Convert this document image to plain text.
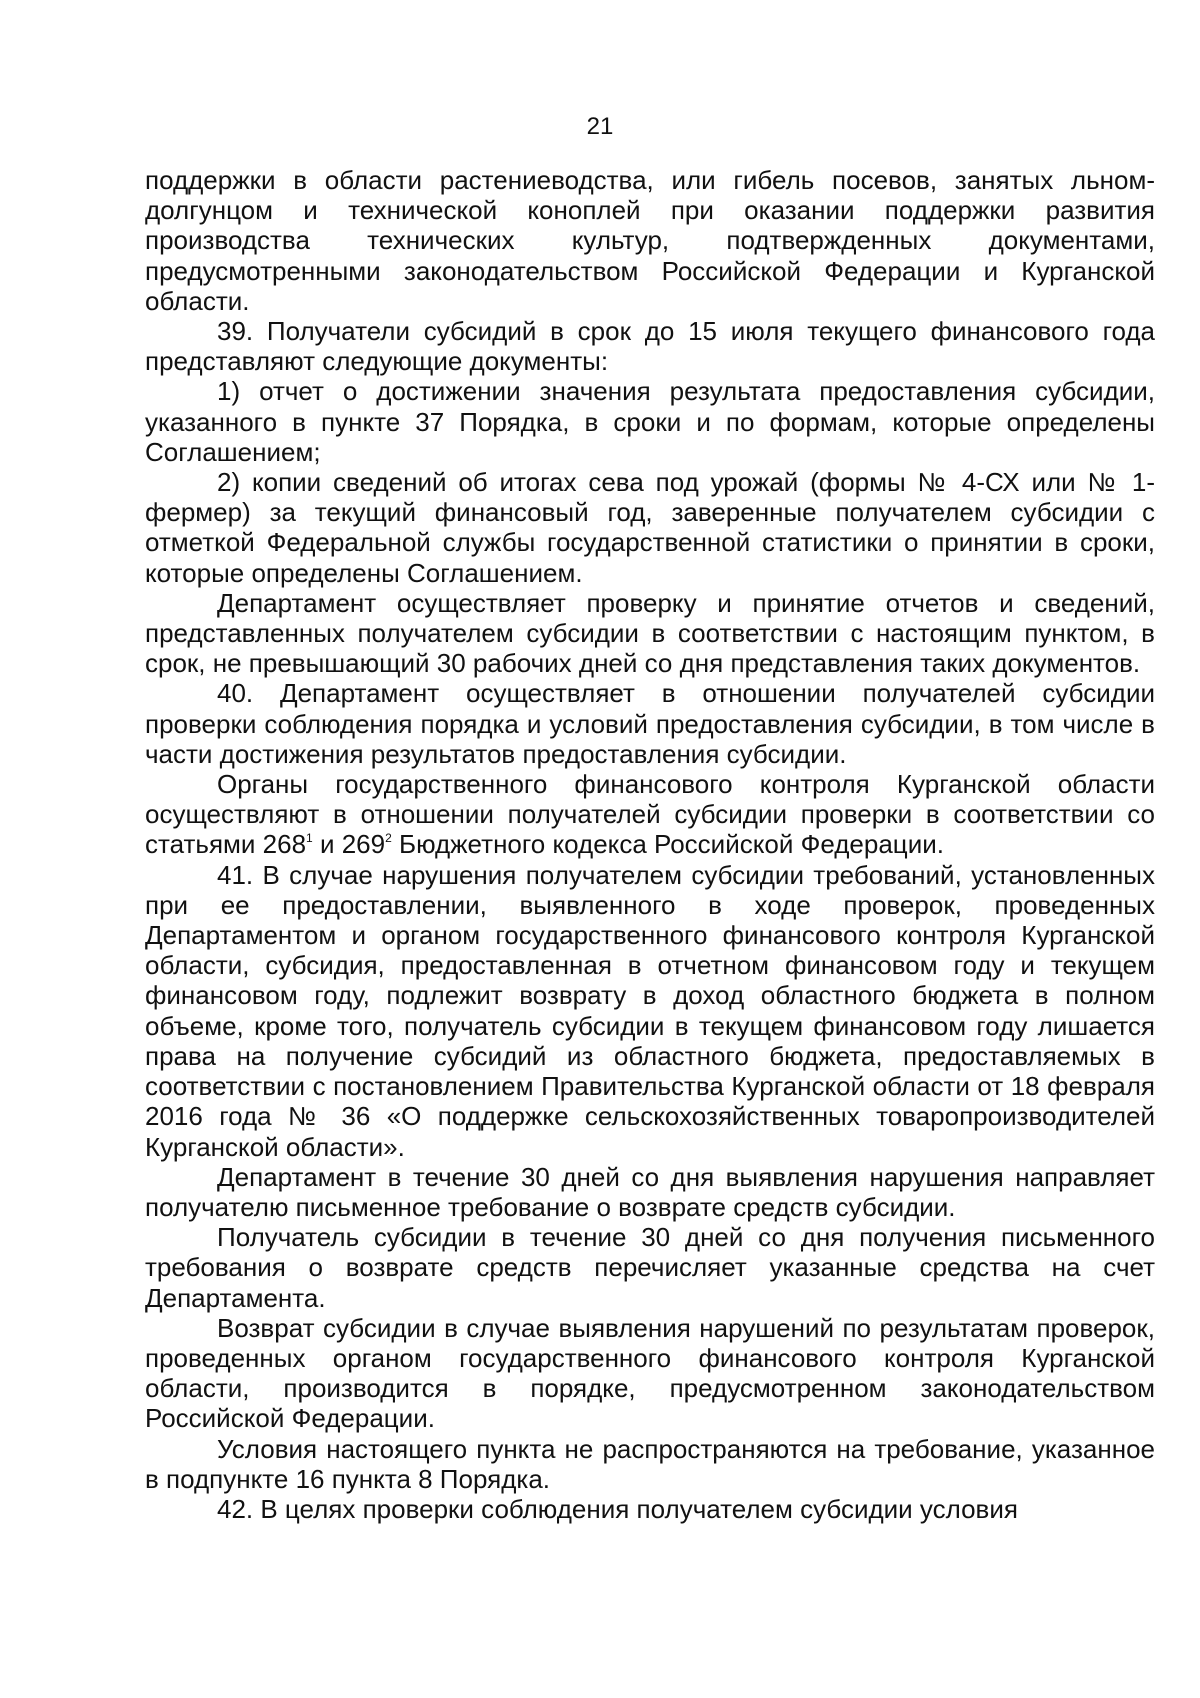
21

поддержки в области растениеводства, или гибель посевов, занятых льном-долгунцом и технической коноплей при оказании поддержки развития производства технических культур, подтвержденных документами, предусмотренными законодательством Российской Федерации и Курганской области.

39. Получатели субсидий в срок до 15 июля текущего финансового года представляют следующие документы:

1) отчет о достижении значения результата предоставления субсидии, указанного в пункте 37 Порядка, в сроки и по формам, которые определены Соглашением;

2) копии сведений об итогах сева под урожай (формы № 4-СХ или № 1-фермер) за текущий финансовый год, заверенные получателем субсидии с отметкой Федеральной службы государственной статистики о принятии в сроки, которые определены Соглашением.

Департамент осуществляет проверку и принятие отчетов и сведений, представленных получателем субсидии в соответствии с настоящим пунктом, в срок, не превышающий 30 рабочих дней со дня представления таких документов.

40. Департамент осуществляет в отношении получателей субсидии проверки соблюдения порядка и условий предоставления субсидии, в том числе в части достижения результатов предоставления субсидии.

Органы государственного финансового контроля Курганской области осуществляют в отношении получателей субсидии проверки в соответствии со статьями $268^1$ и $269^2$ Бюджетного кодекса Российской Федерации.

41. В случае нарушения получателем субсидии требований, установленных при ее предоставлении, выявленного в ходе проверок, проведенных Департаментом и органом государственного финансового контроля Курганской области, субсидия, предоставленная в отчетном финансовом году и текущем финансовом году, подлежит возврату в доход областного бюджета в полном объеме, кроме того, получатель субсидии в текущем финансовом году лишается права на получение субсидий из областного бюджета, предоставляемых в соответствии с постановлением Правительства Курганской области от 18 февраля 2016 года № 36 «О поддержке сельскохозяйственных товаропроизводителей Курганской области».

Департамент в течение 30 дней со дня выявления нарушения направляет получателю письменное требование о возврате средств субсидии.

Получатель субсидии в течение 30 дней со дня получения письменного требования о возврате средств перечисляет указанные средства на счет Департамента.

Возврат субсидии в случае выявления нарушений по результатам проверок, проведенных органом государственного финансового контроля Курганской области, производится в порядке, предусмотренном законодательством Российской Федерации.

Условия настоящего пункта не распространяются на требование, указанное в подпункте 16 пункта 8 Порядка.

42. В целях проверки соблюдения получателем субсидии условия
